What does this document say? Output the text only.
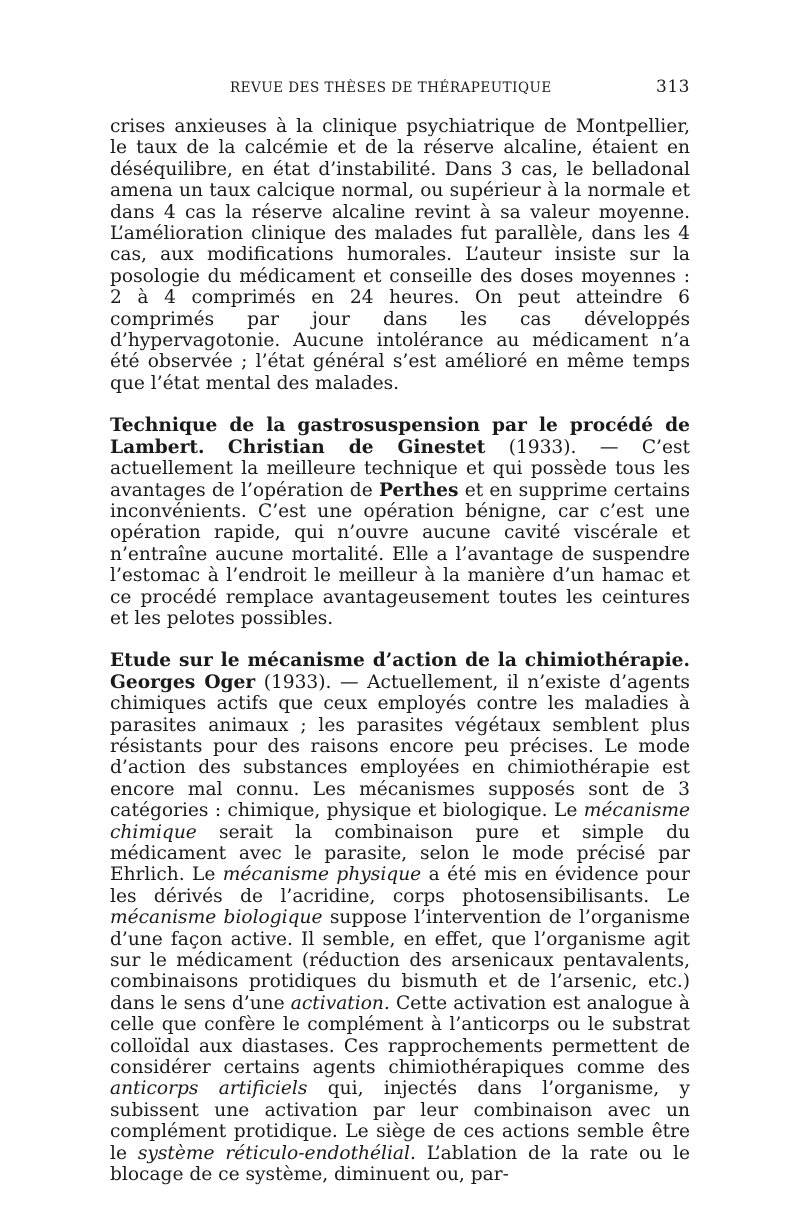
REVUE DES THÈSES DE THÉRAPEUTIQUE	313

crises anxieuses à la clinique psychiatrique de Montpellier, le taux de la calcémie et de la réserve alcaline, étaient en déséquilibre, en état d’instabilité. Dans 3 cas, le belladonal amena un taux calcique normal, ou supérieur à la normale et dans 4 cas la réserve alcaline revint à sa valeur moyenne. L’amélioration clinique des malades fut parallèle, dans les 4 cas, aux modifications humorales. L’auteur insiste sur la posologie du médicament et conseille des doses moyennes : 2 à 4 comprimés en 24 heures. On peut atteindre 6 comprimés par jour dans les cas développés d’hypervagotonie. Aucune intolérance au médicament n’a été observée ; l’état général s’est amélioré en même temps que l’état mental des malades.

Technique de la gastrosuspension par le procédé de Lambert. Christian de Ginestet (1933). — C’est actuellement la meilleure technique et qui possède tous les avantages de l’opération de Perthes et en supprime certains inconvénients. C’est une opération bénigne, car c’est une opération rapide, qui n’ouvre aucune cavité viscérale et n’entraîne aucune mortalité. Elle a l’avantage de suspendre l’estomac à l’endroit le meilleur à la manière d’un hamac et ce procédé remplace avantageusement toutes les ceintures et les pelotes possibles.

Etude sur le mécanisme d’action de la chimiothérapie. Georges Oger (1933). — Actuellement, il n’existe d’agents chimiques actifs que ceux employés contre les maladies à parasites animaux ; les parasites végétaux semblent plus résistants pour des raisons encore peu précises. Le mode d’action des substances employées en chimiothérapie est encore mal connu. Les mécanismes supposés sont de 3 catégories : chimique, physique et biologique. Le mécanisme chimique serait la combinaison pure et simple du médicament avec le parasite, selon le mode précisé par Ehrlich. Le mécanisme physique a été mis en évidence pour les dérivés de l’acridine, corps photosensibilisants. Le mécanisme biologique suppose l’intervention de l’organisme d’une façon active. Il semble, en effet, que l’organisme agit sur le médicament (réduction des arsenicaux pentavalents, combinaisons protidiques du bismuth et de l’arsenic, etc.) dans le sens d’une activation. Cette activation est analogue à celle que confère le complément à l’anticorps ou le substrat colloïdal aux diastases. Ces rapprochements permettent de considérer certains agents chimiothérapiques comme des anticorps artificiels qui, injectés dans l’organisme, y subissent une activation par leur combinaison avec un complément protidique. Le siège de ces actions semble être le système réticulo-endothélial. L’ablation de la rate ou le blocage de ce système, diminuent ou, par-
